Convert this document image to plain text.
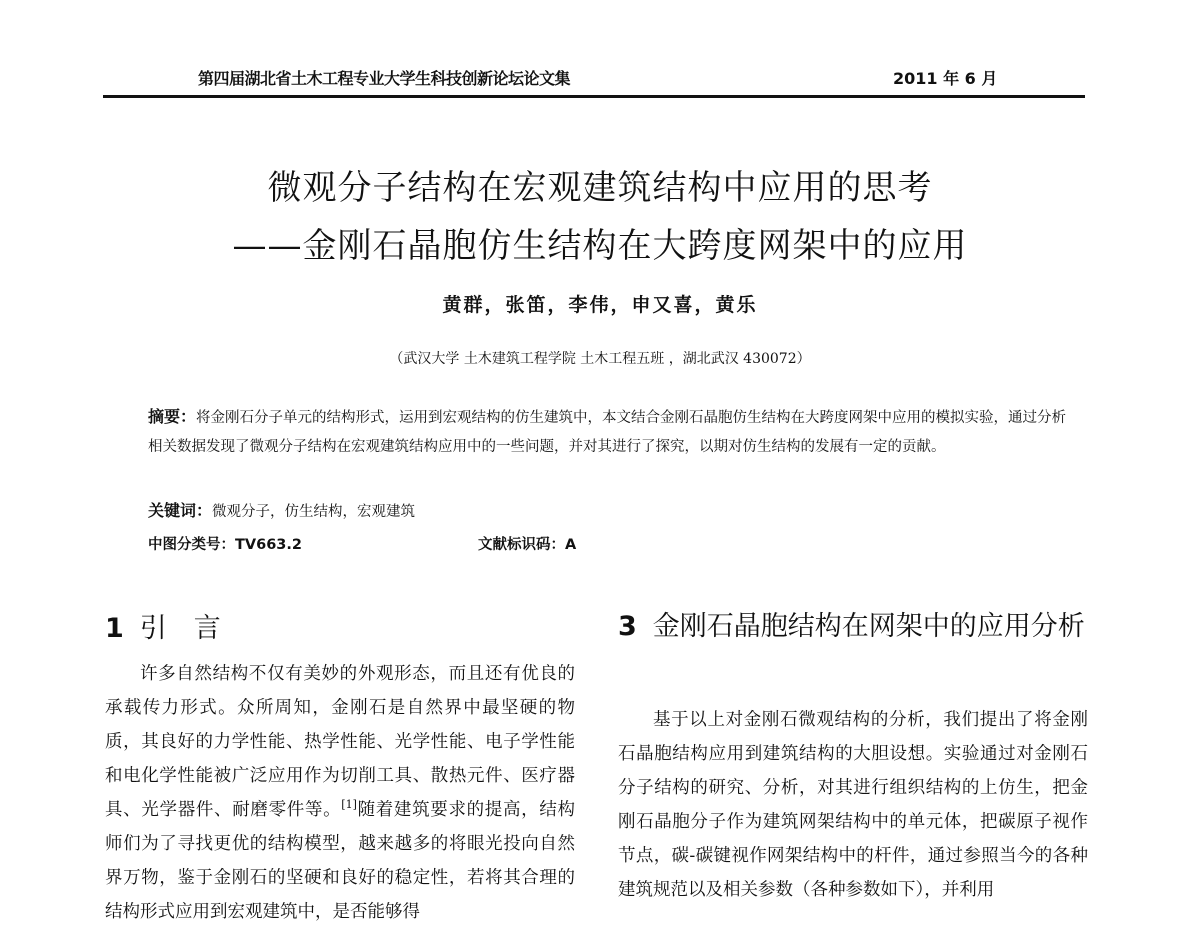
第四届湖北省土木工程专业大学生科技创新论坛论文集	2011 年 6 月
微观分子结构在宏观建筑结构中应用的思考
——金刚石晶胞仿生结构在大跨度网架中的应用
黄群，张笛，李伟，申又喜，黄乐
（武汉大学 土木建筑工程学院 土木工程五班 ，湖北武汉 430072）
摘要：将金刚石分子单元的结构形式，运用到宏观结构的仿生建筑中，本文结合金刚石晶胞仿生结构在大跨度网架中应用的模拟实验，通过分析相关数据发现了微观分子结构在宏观建筑结构应用中的一些问题，并对其进行了探究，以期对仿生结构的发展有一定的贡献。
关键词：微观分子，仿生结构，宏观建筑
中图分类号：TV663.2	文献标识码：A
1 引　言
许多自然结构不仅有美妙的外观形态，而且还有优良的承载传力形式。众所周知，金刚石是自然界中最坚硬的物质，其良好的力学性能、热学性能、光学性能、电子学性能和电化学性能被广泛应用作为切削工具、散热元件、医疗器具、光学器件、耐磨零件等。[1]随着建筑要求的提高，结构师们为了寻找更优的结构模型，越来越多的将眼光投向自然界万物，鉴于金刚石的坚硬和良好的稳定性，若将其合理的结构形式应用到宏观建筑中，是否能够得
3 金刚石晶胞结构在网架中的应用分析
基于以上对金刚石微观结构的分析，我们提出了将金刚石晶胞结构应用到建筑结构的大胆设想。实验通过对金刚石分子结构的研究、分析，对其进行组织结构的上仿生，把金刚石晶胞分子作为建筑网架结构中的单元体，把碳原子视作节点，碳-碳键视作网架结构中的杆件，通过参照当今的各种建筑规范以及相关参数（各种参数如下），并利用
